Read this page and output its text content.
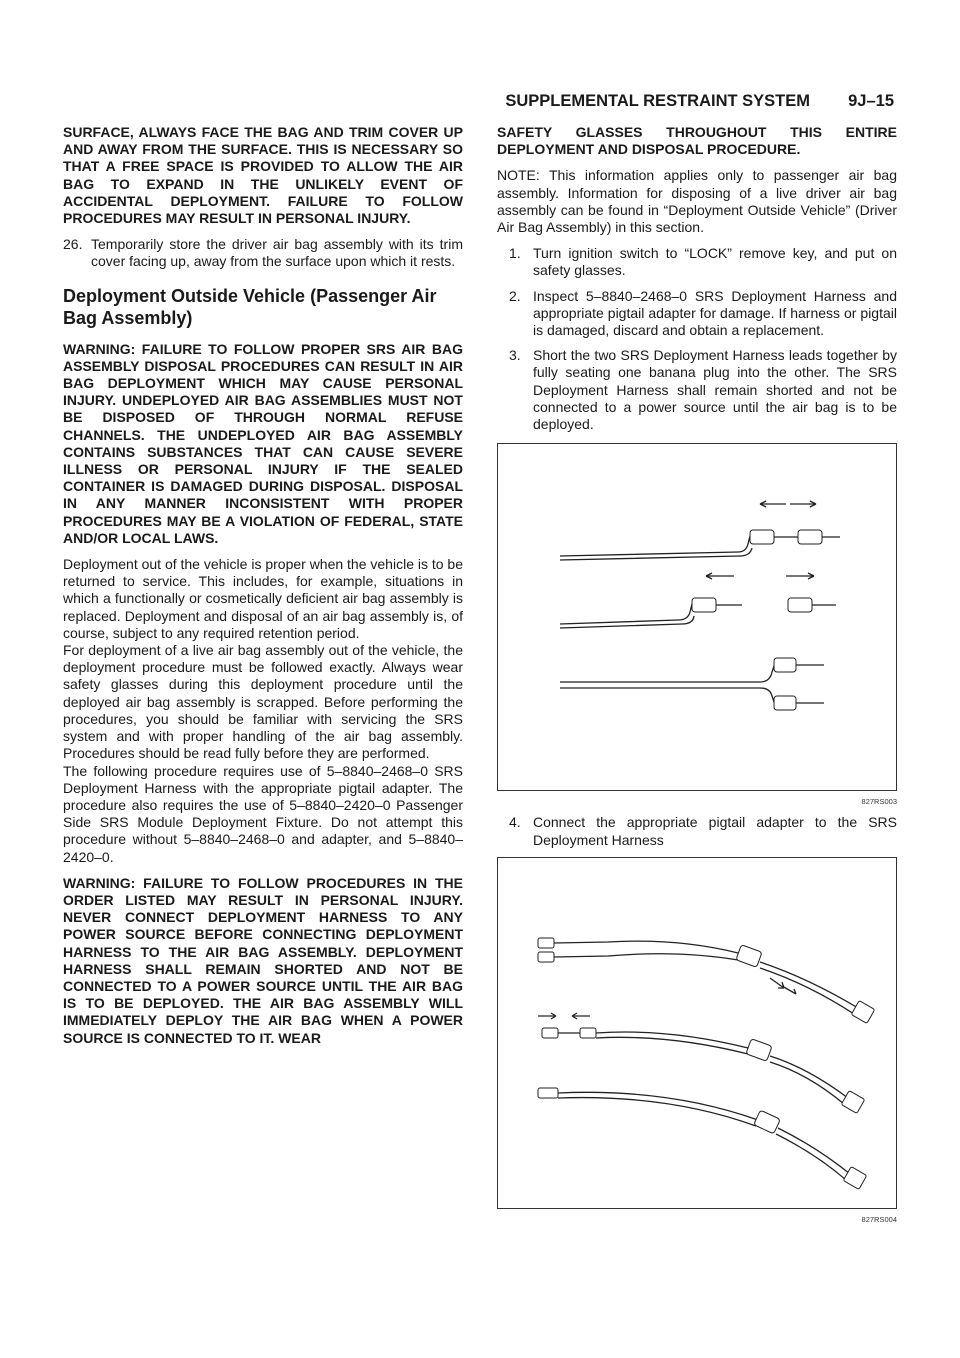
SUPPLEMENTAL RESTRAINT SYSTEM 9J–15

SURFACE, ALWAYS FACE THE BAG AND TRIM COVER UP AND AWAY FROM THE SURFACE. THIS IS NECESSARY SO THAT A FREE SPACE IS PROVIDED TO ALLOW THE AIR BAG TO EXPAND IN THE UNLIKELY EVENT OF ACCIDENTAL DEPLOYMENT. FAILURE TO FOLLOW PROCEDURES MAY RESULT IN PERSONAL INJURY.

26. Temporarily store the driver air bag assembly with its trim cover facing up, away from the surface upon which it rests.
Deployment Outside Vehicle (Passenger Air Bag Assembly)

WARNING: FAILURE TO FOLLOW PROPER SRS AIR BAG ASSEMBLY DISPOSAL PROCEDURES CAN RESULT IN AIR BAG DEPLOYMENT WHICH MAY CAUSE PERSONAL INJURY. UNDEPLOYED AIR BAG ASSEMBLIES MUST NOT BE DISPOSED OF THROUGH NORMAL REFUSE CHANNELS. THE UNDEPLOYED AIR BAG ASSEMBLY CONTAINS SUBSTANCES THAT CAN CAUSE SEVERE ILLNESS OR PERSONAL INJURY IF THE SEALED CONTAINER IS DAMAGED DURING DISPOSAL. DISPOSAL IN ANY MANNER INCONSISTENT WITH PROPER PROCEDURES MAY BE A VIOLATION OF FEDERAL, STATE AND/OR LOCAL LAWS.

Deployment out of the vehicle is proper when the vehicle is to be returned to service. This includes, for example, situations in which a functionally or cosmetically deficient air bag assembly is replaced. Deployment and disposal of an air bag assembly is, of course, subject to any required retention period.

For deployment of a live air bag assembly out of the vehicle, the deployment procedure must be followed exactly. Always wear safety glasses during this deployment procedure until the deployed air bag assembly is scrapped. Before performing the procedures, you should be familiar with servicing the SRS system and with proper handling of the air bag assembly. Procedures should be read fully before they are performed.

The following procedure requires use of 5–8840–2468–0 SRS Deployment Harness with the appropriate pigtail adapter. The procedure also requires the use of 5–8840–2420–0 Passenger Side SRS Module Deployment Fixture. Do not attempt this procedure without 5–8840–2468–0 and adapter, and 5–8840–2420–0.

WARNING: FAILURE TO FOLLOW PROCEDURES IN THE ORDER LISTED MAY RESULT IN PERSONAL INJURY. NEVER CONNECT DEPLOYMENT HARNESS TO ANY POWER SOURCE BEFORE CONNECTING DEPLOYMENT HARNESS TO THE AIR BAG ASSEMBLY. DEPLOYMENT HARNESS SHALL REMAIN SHORTED AND NOT BE CONNECTED TO A POWER SOURCE UNTIL THE AIR BAG IS TO BE DEPLOYED. THE AIR BAG ASSEMBLY WILL IMMEDIATELY DEPLOY THE AIR BAG WHEN A POWER SOURCE IS CONNECTED TO IT. WEAR

SAFETY GLASSES THROUGHOUT THIS ENTIRE DEPLOYMENT AND DISPOSAL PROCEDURE.

NOTE: This information applies only to passenger air bag assembly. Information for disposing of a live driver air bag assembly can be found in “Deployment Outside Vehicle” (Driver Air Bag Assembly) in this section.

1. Turn ignition switch to “LOCK” remove key, and put on safety glasses.
2. Inspect 5–8840–2468–0 SRS Deployment Harness and appropriate pigtail adapter for damage. If harness or pigtail is damaged, discard and obtain a replacement.
3. Short the two SRS Deployment Harness leads together by fully seating one banana plug into the other. The SRS Deployment Harness shall remain shorted and not be connected to a power source until the air bag is to be deployed.
827RS003
4. Connect the appropriate pigtail adapter to the SRS Deployment Harness
827RS004
